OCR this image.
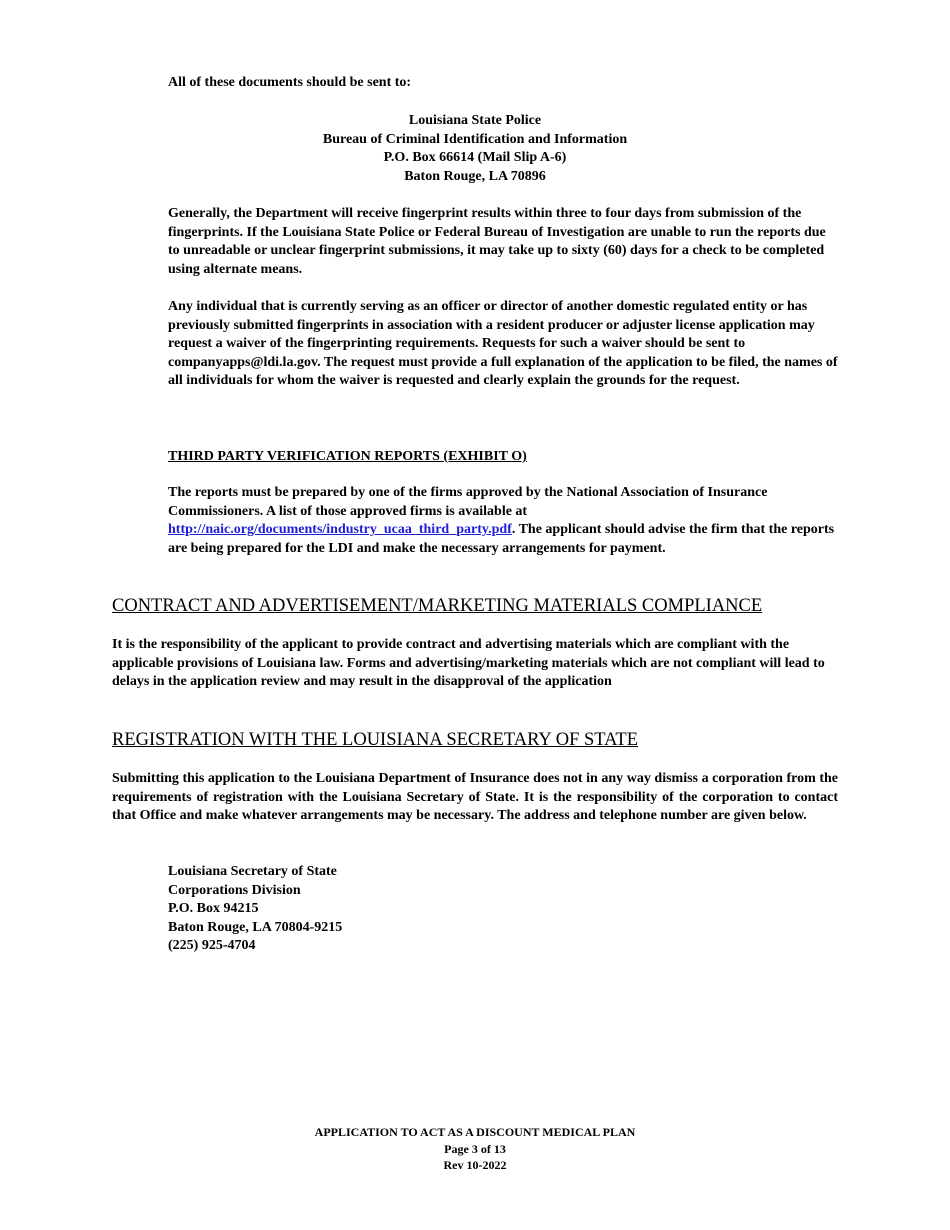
All of these documents should be sent to:

Louisiana State Police
Bureau of Criminal Identification and Information
P.O. Box 66614 (Mail Slip A-6)
Baton Rouge, LA 70896

Generally, the Department will receive fingerprint results within three to four days from submission of the fingerprints. If the Louisiana State Police or Federal Bureau of Investigation are unable to run the reports due to unreadable or unclear fingerprint submissions, it may take up to sixty (60) days for a check to be completed using alternate means.

Any individual that is currently serving as an officer or director of another domestic regulated entity or has previously submitted fingerprints in association with a resident producer or adjuster license application may request a waiver of the fingerprinting requirements. Requests for such a waiver should be sent to companyapps@ldi.la.gov. The request must provide a full explanation of the application to be filed, the names of all individuals for whom the waiver is requested and clearly explain the grounds for the request.

THIRD PARTY VERIFICATION REPORTS (EXHIBIT O)

The reports must be prepared by one of the firms approved by the National Association of Insurance Commissioners. A list of those approved firms is available at
http://naic.org/documents/industry_ucaa_third_party.pdf. The applicant should advise the firm that the reports are being prepared for the LDI and make the necessary arrangements for payment.

CONTRACT AND ADVERTISEMENT/MARKETING MATERIALS COMPLIANCE

It is the responsibility of the applicant to provide contract and advertising materials which are compliant with the applicable provisions of Louisiana law. Forms and advertising/marketing materials which are not compliant will lead to delays in the application review and may result in the disapproval of the application

REGISTRATION WITH THE LOUISIANA SECRETARY OF STATE

Submitting this application to the Louisiana Department of Insurance does not in any way dismiss a corporation from the requirements of registration with the Louisiana Secretary of State. It is the responsibility of the corporation to contact that Office and make whatever arrangements may be necessary. The address and telephone number are given below.

Louisiana Secretary of State
Corporations Division
P.O. Box 94215
Baton Rouge, LA 70804-9215
(225) 925-4704
APPLICATION TO ACT AS A DISCOUNT MEDICAL PLAN
Page 3 of 13
Rev 10-2022
